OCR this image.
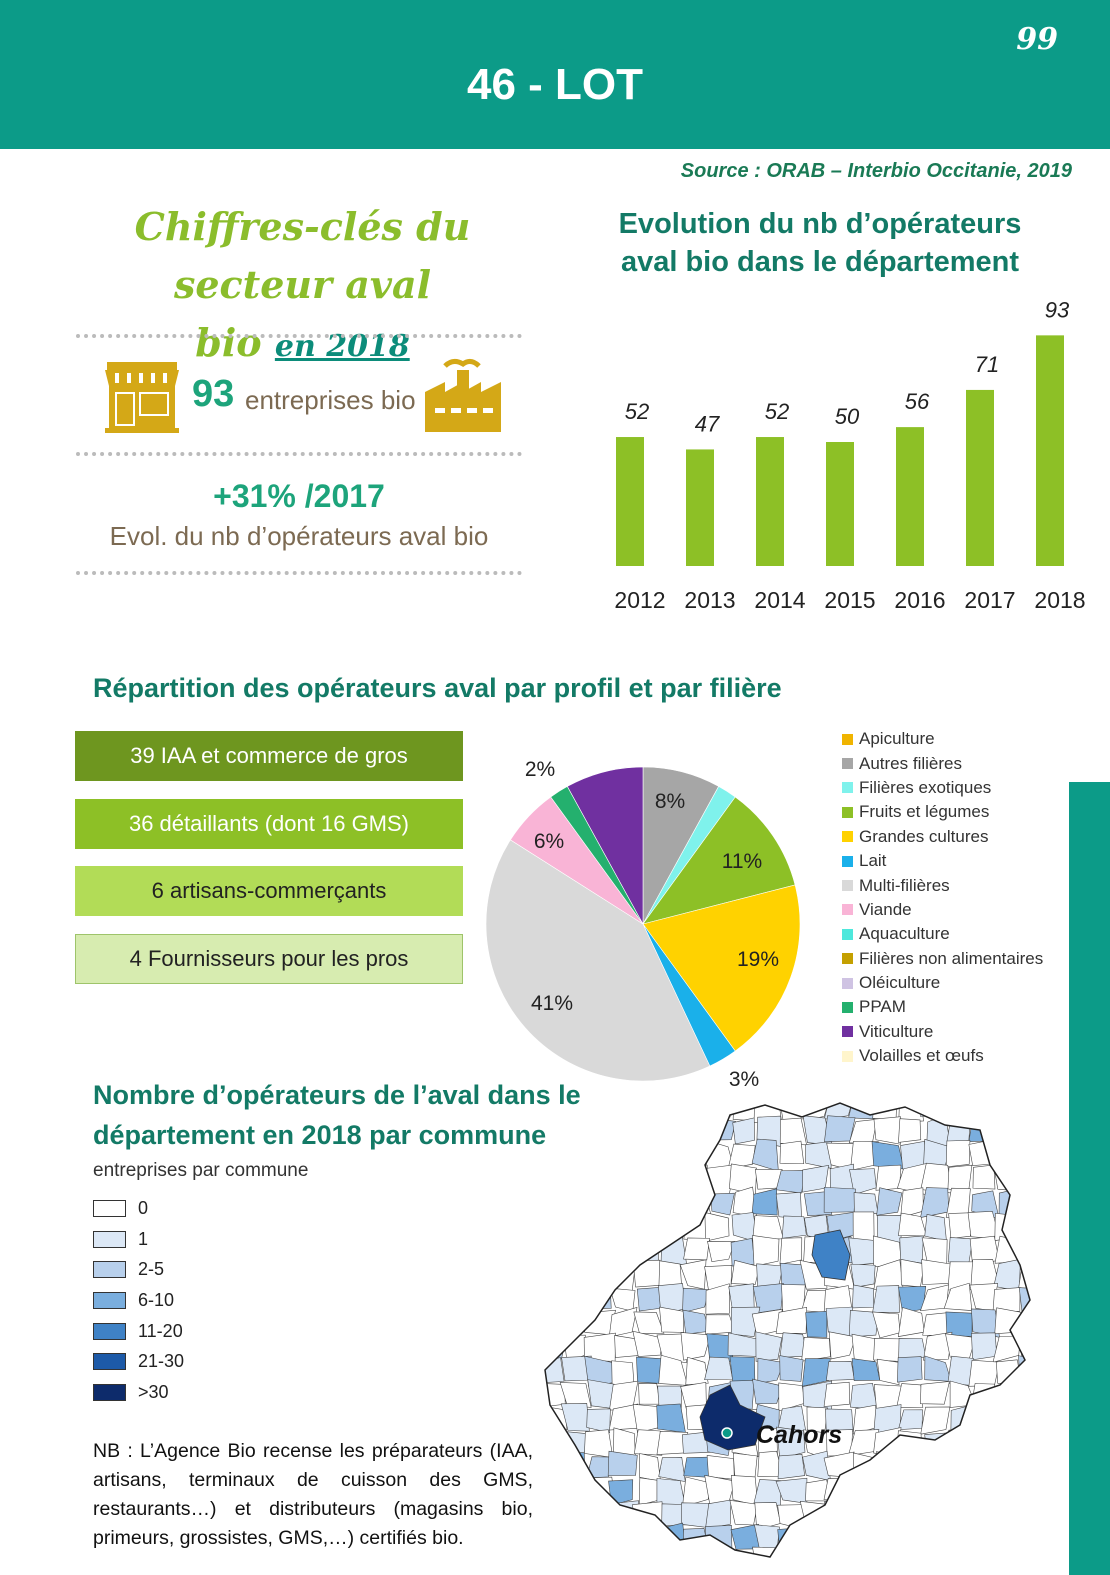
46 - LOT
99
Source : ORAB – Interbio Occitanie, 2019
Chiffres-clés du secteur aval
bio en 2018
93 entreprises bio
+31% /2017
Evol. du nb d’opérateurs aval bio
Evolution du nb d’opérateurs
aval bio dans le département
52
2012
47
2013
52
2014
50
2015
56
2016
71
2017
93
2018
Répartition des opérateurs aval par profil et par filière
39 IAA et commerce de gros
36 détaillants (dont 16 GMS)
6 artisans-commerçants
4 Fournisseurs pour les pros
8%
11%
19%
3%
41%
6%
2%
Apiculture
Autres filières
Filières exotiques
Fruits et légumes
Grandes cultures
Lait
Multi-filières
Viande
Aquaculture
Filières non alimentaires
Oléiculture
PPAM
Viticulture
Volailles et œufs
Nombre d’opérateurs de l’aval dans le
département en 2018 par commune
entreprises par commune
0
1
2-5
6-10
11-20
21-30
>30
Cahors
NB : L’Agence Bio recense les préparateurs (IAA, artisans, terminaux de cuisson des GMS, restaurants…) et distributeurs (magasins bio, primeurs, grossistes, GMS,…) certifiés bio.
